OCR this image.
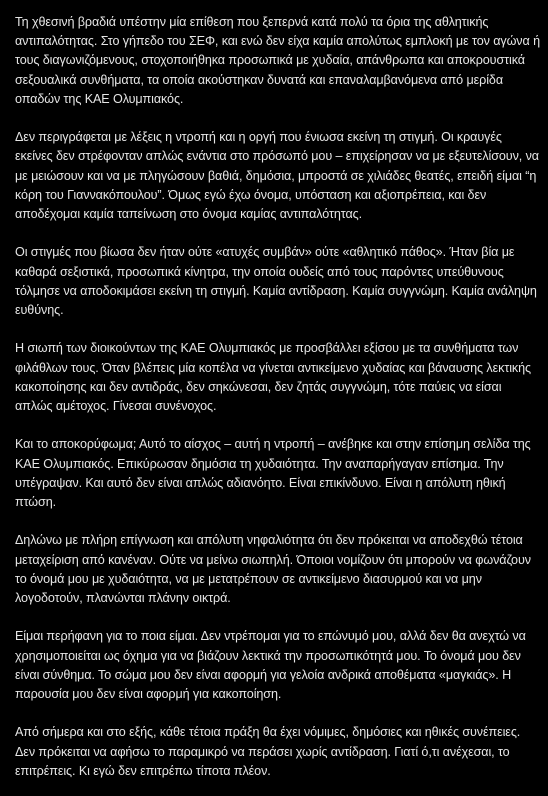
Τη χθεσινή βραδιά υπέστην μία επίθεση που ξεπερνά κατά πολύ τα όρια της αθλητικής αντιπαλότητας. Στο γήπεδο του ΣΕΦ, και ενώ δεν είχα καμία απολύτως εμπλοκή με τον αγώνα ή τους διαγωνιζόμενους, στοχοποιήθηκα προσωπικά με χυδαία, απάνθρωπα και αποκρουστικά σεξουαλικά συνθήματα, τα οποία ακούστηκαν δυνατά και επαναλαμβανόμενα από μερίδα οπαδών της ΚΑΕ Ολυμπιακός.

Δεν περιγράφεται με λέξεις η ντροπή και η οργή που ένιωσα εκείνη τη στιγμή. Οι κραυγές εκείνες δεν στρέφονταν απλώς ενάντια στο πρόσωπό μου – επιχείρησαν να με εξευτελίσουν, να με μειώσουν και να με πληγώσουν βαθιά, δημόσια, μπροστά σε χιλιάδες θεατές, επειδή είμαι “η κόρη του Γιαννακόπουλου”. Όμως εγώ έχω όνομα, υπόσταση και αξιοπρέπεια, και δεν αποδέχομαι καμία ταπείνωση στο όνομα καμίας αντιπαλότητας.

Οι στιγμές που βίωσα δεν ήταν ούτε «ατυχές συμβάν» ούτε «αθλητικό πάθος». Ήταν βία με καθαρά σεξιστικά, προσωπικά κίνητρα, την οποία ουδείς από τους παρόντες υπεύθυνους τόλμησε να αποδοκιμάσει εκείνη τη στιγμή. Καμία αντίδραση. Καμία συγγνώμη. Καμία ανάληψη ευθύνης.

Η σιωπή των διοικούντων της ΚΑΕ Ολυμπιακός με προσβάλλει εξίσου με τα συνθήματα των φιλάθλων τους. Όταν βλέπεις μία κοπέλα να γίνεται αντικείμενο χυδαίας και βάναυσης λεκτικής κακοποίησης και δεν αντιδράς, δεν σηκώνεσαι, δεν ζητάς συγγνώμη, τότε παύεις να είσαι απλώς αμέτοχος. Γίνεσαι συνένοχος.

Και το αποκορύφωμα; Αυτό το αίσχος – αυτή η ντροπή – ανέβηκε και στην επίσημη σελίδα της ΚΑΕ Ολυμπιακός. Επικύρωσαν δημόσια τη χυδαιότητα. Την αναπαρήγαγαν επίσημα. Την υπέγραψαν. Και αυτό δεν είναι απλώς αδιανόητο. Είναι επικίνδυνο. Είναι η απόλυτη ηθική πτώση.

Δηλώνω με πλήρη επίγνωση και απόλυτη νηφαλιότητα ότι δεν πρόκειται να αποδεχθώ τέτοια μεταχείριση από κανέναν. Ούτε να μείνω σιωπηλή. Όποιοι νομίζουν ότι μπορούν να φωνάζουν το όνομά μου με χυδαιότητα, να με μετατρέπουν σε αντικείμενο διασυρμού και να μην λογοδοτούν, πλανώνται πλάνην οικτρά.

Είμαι περήφανη για το ποια είμαι. Δεν ντρέπομαι για το επώνυμό μου, αλλά δεν θα ανεχτώ να χρησιμοποιείται ως όχημα για να βιάζουν λεκτικά την προσωπικότητά μου. Το όνομά μου δεν είναι σύνθημα. Το σώμα μου δεν είναι αφορμή για γελοία ανδρικά αποθέματα «μαγκιάς». Η παρουσία μου δεν είναι αφορμή για κακοποίηση.

Από σήμερα και στο εξής, κάθε τέτοια πράξη θα έχει νόμιμες, δημόσιες και ηθικές συνέπειες. Δεν πρόκειται να αφήσω το παραμικρό να περάσει χωρίς αντίδραση. Γιατί ό,τι ανέχεσαι, το επιτρέπεις. Κι εγώ δεν επιτρέπω τίποτα πλέον.
